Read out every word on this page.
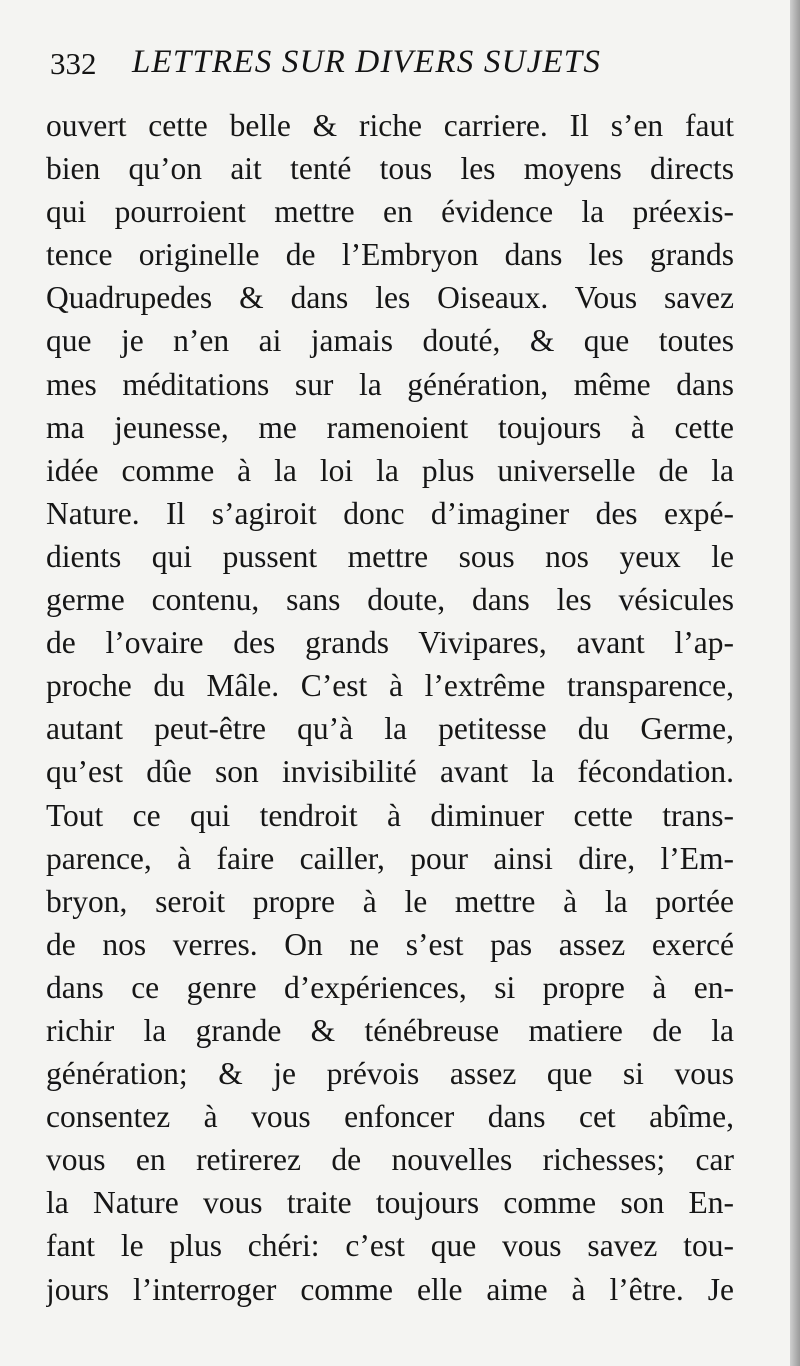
332 LETTRES SUR DIVERS SUJETS
ouvert cette belle & riche carriere. Il s’en faut
bien qu’on ait tenté tous les moyens directs
qui pourroient mettre en évidence la préexis-
tence originelle de l’Embryon dans les grands
Quadrupedes & dans les Oiseaux. Vous savez
que je n’en ai jamais douté, & que toutes
mes méditations sur la génération, même dans
ma jeunesse, me ramenoient toujours à cette
idée comme à la loi la plus universelle de la
Nature. Il s’agiroit donc d’imaginer des expé-
dients qui pussent mettre sous nos yeux le
germe contenu, sans doute, dans les vésicules
de l’ovaire des grands Vivipares, avant l’ap-
proche du Mâle. C’est à l’extrême transparence,
autant peut-être qu’à la petitesse du Germe,
qu’est dûe son invisibilité avant la fécondation.
Tout ce qui tendroit à diminuer cette trans-
parence, à faire cailler, pour ainsi dire, l’Em-
bryon, seroit propre à le mettre à la portée
de nos verres. On ne s’est pas assez exercé
dans ce genre d’expériences, si propre à en-
richir la grande & ténébreuse matiere de la
génération; & je prévois assez que si vous
consentez à vous enfoncer dans cet abîme,
vous en retirerez de nouvelles richesses; car
la Nature vous traite toujours comme son En-
fant le plus chéri: c’est que vous savez tou-
jours l’interroger comme elle aime à l’être. Je
